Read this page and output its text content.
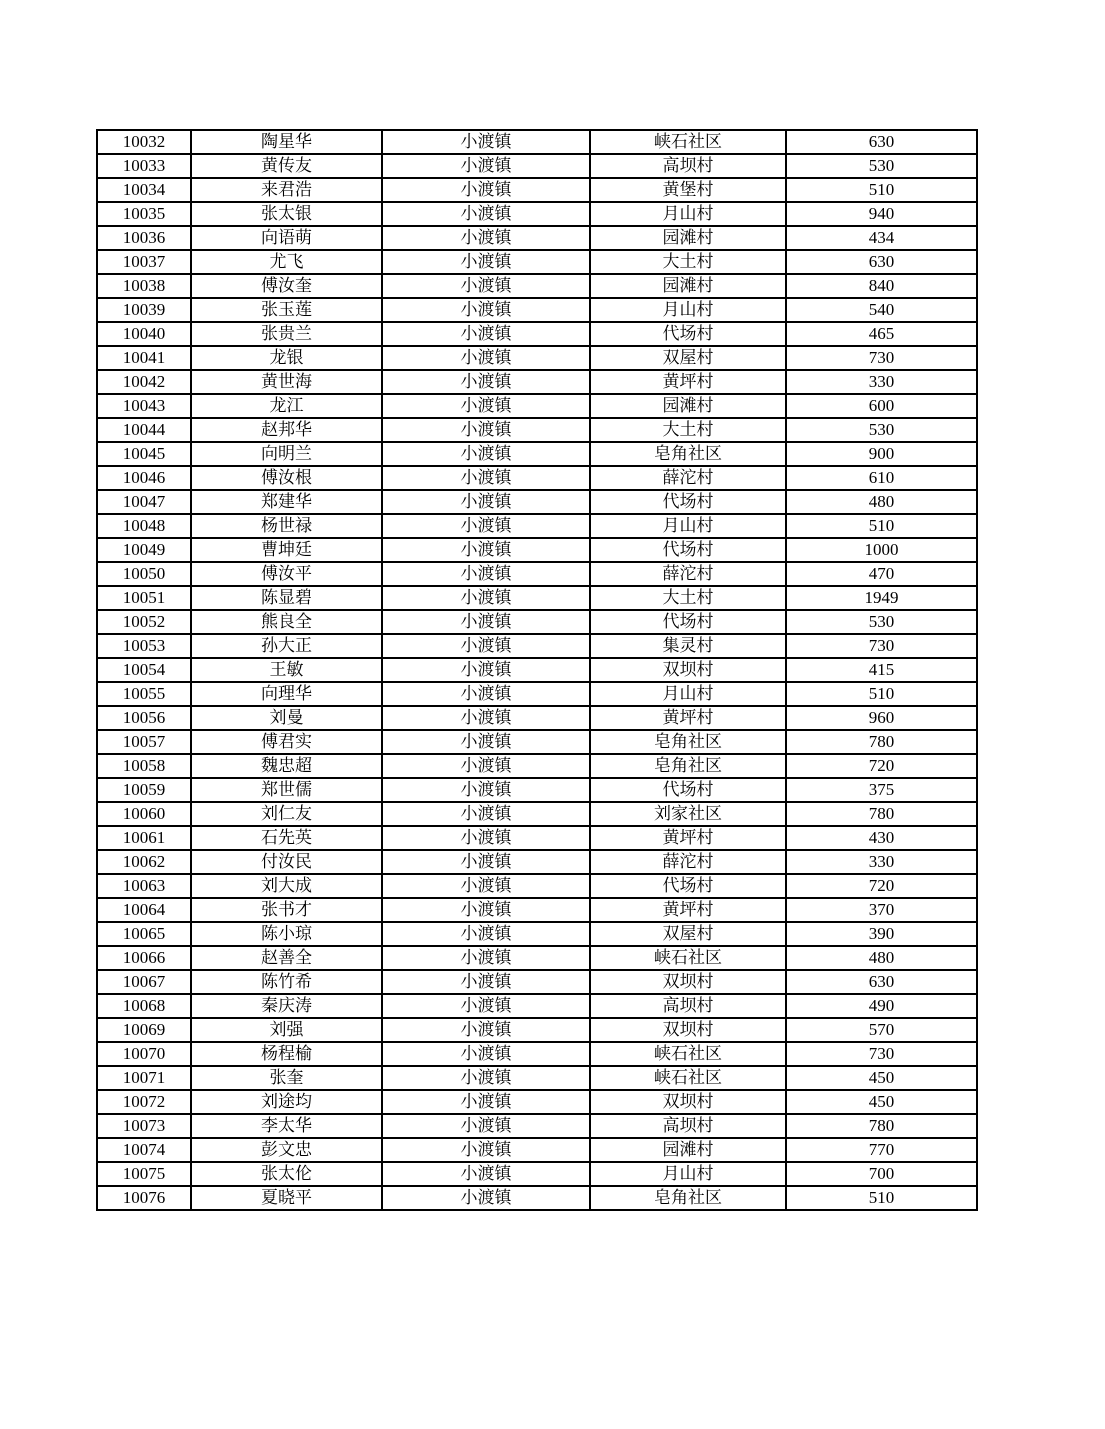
10032	陶星华	小渡镇	峡石社区	630
10033	黄传友	小渡镇	高坝村	530
10034	来君浩	小渡镇	黄堡村	510
10035	张太银	小渡镇	月山村	940
10036	向语萌	小渡镇	园滩村	434
10037	尤飞	小渡镇	大土村	630
10038	傅汝奎	小渡镇	园滩村	840
10039	张玉莲	小渡镇	月山村	540
10040	张贵兰	小渡镇	代场村	465
10041	龙银	小渡镇	双屋村	730
10042	黄世海	小渡镇	黄坪村	330
10043	龙江	小渡镇	园滩村	600
10044	赵邦华	小渡镇	大土村	530
10045	向明兰	小渡镇	皂角社区	900
10046	傅汝根	小渡镇	薛沱村	610
10047	郑建华	小渡镇	代场村	480
10048	杨世禄	小渡镇	月山村	510
10049	曹坤廷	小渡镇	代场村	1000
10050	傅汝平	小渡镇	薛沱村	470
10051	陈显碧	小渡镇	大土村	1949
10052	熊良全	小渡镇	代场村	530
10053	孙大正	小渡镇	集灵村	730
10054	王敏	小渡镇	双坝村	415
10055	向理华	小渡镇	月山村	510
10056	刘曼	小渡镇	黄坪村	960
10057	傅君实	小渡镇	皂角社区	780
10058	魏忠超	小渡镇	皂角社区	720
10059	郑世儒	小渡镇	代场村	375
10060	刘仁友	小渡镇	刘家社区	780
10061	石先英	小渡镇	黄坪村	430
10062	付汝民	小渡镇	薛沱村	330
10063	刘大成	小渡镇	代场村	720
10064	张书才	小渡镇	黄坪村	370
10065	陈小琼	小渡镇	双屋村	390
10066	赵善全	小渡镇	峡石社区	480
10067	陈竹希	小渡镇	双坝村	630
10068	秦庆涛	小渡镇	高坝村	490
10069	刘强	小渡镇	双坝村	570
10070	杨程榆	小渡镇	峡石社区	730
10071	张奎	小渡镇	峡石社区	450
10072	刘途均	小渡镇	双坝村	450
10073	李太华	小渡镇	高坝村	780
10074	彭文忠	小渡镇	园滩村	770
10075	张太伦	小渡镇	月山村	700
10076	夏晓平	小渡镇	皂角社区	510
